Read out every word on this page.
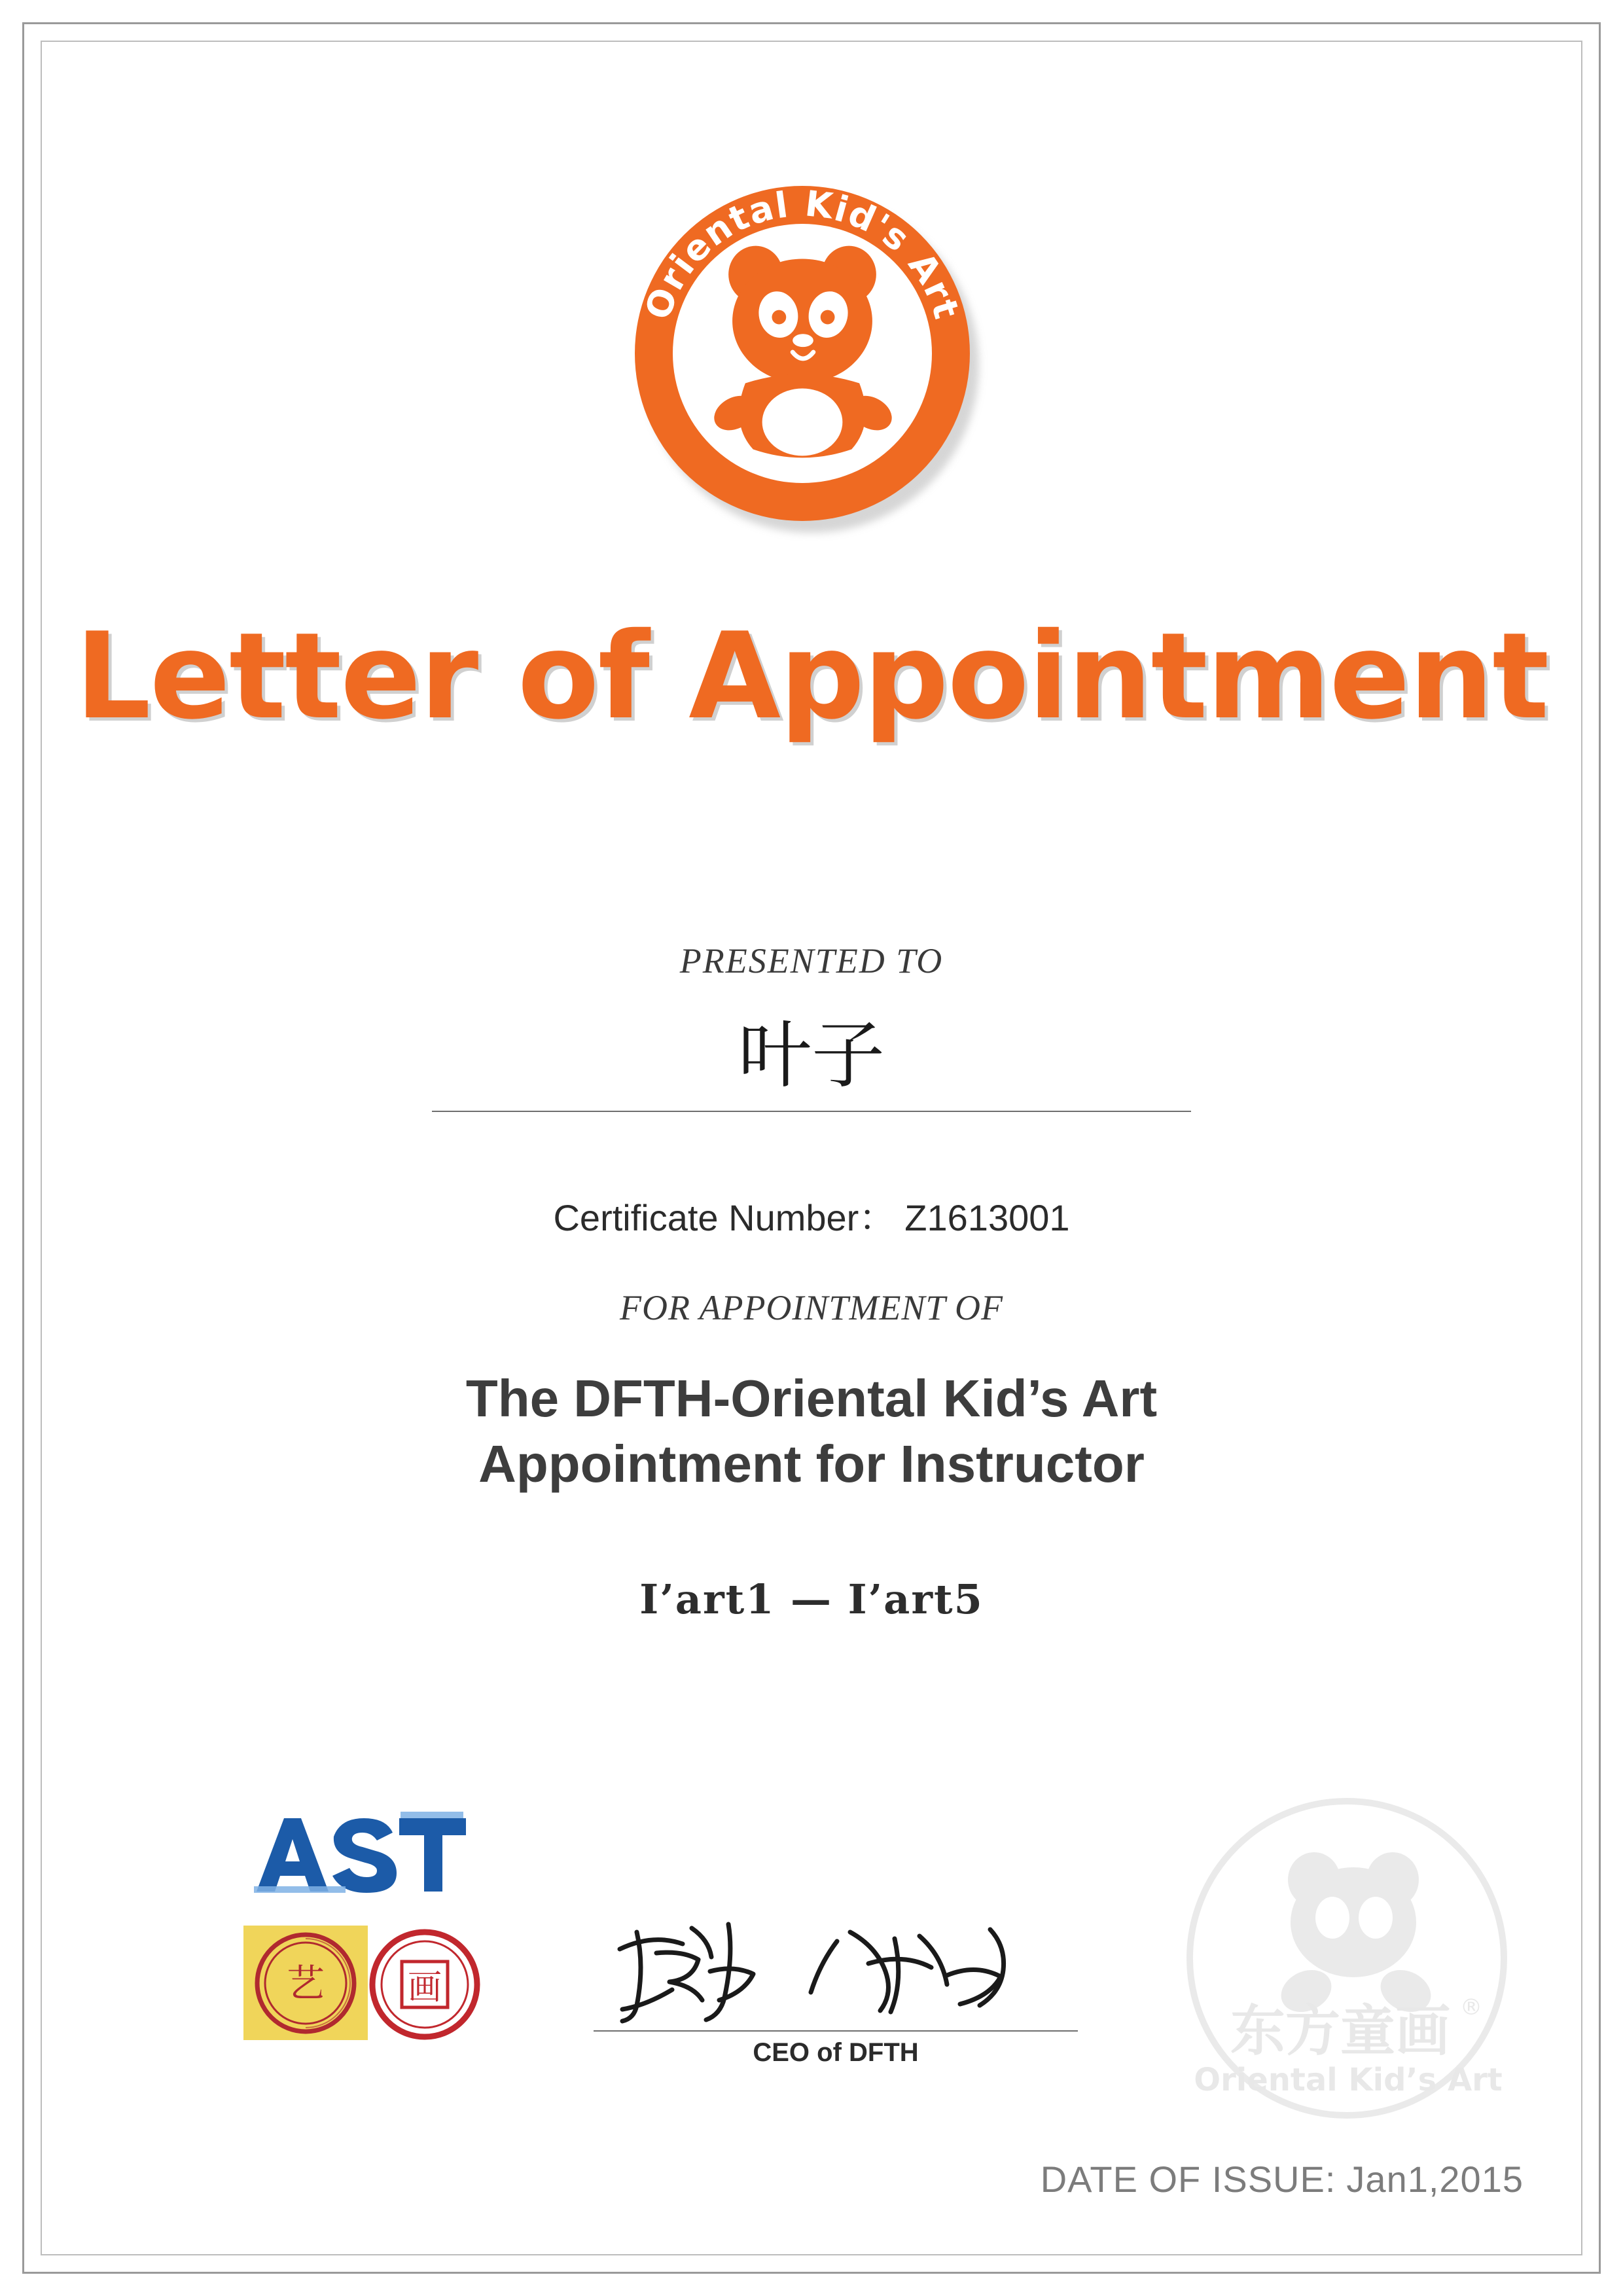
Oriental Kid's Art
Letter of Appointment
PRESENTED TO
叶子
Certificate Number： Z1613001
FOR APPOINTMENT OF
The DFTH-Oriental Kid’s Art
Appointment for Instructor
Ⅰ’art1 — Ⅰ’art5
艺 画
东方童画 ®
Oriental Kid’s Art
CEO of DFTH
DATE OF ISSUE: Jan1,2015
